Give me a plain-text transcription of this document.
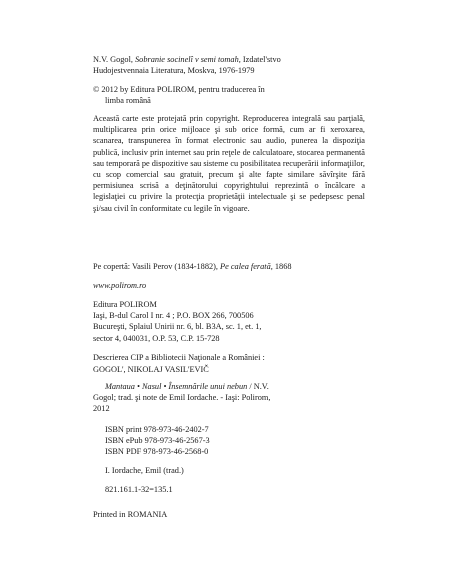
N.V. Gogol, Sobranie socinelî v semi tomah, Izdatel'stvo
Hudojestvennaia Literatura, Moskva, 1976-1979
© 2012 by Editura POLIROM, pentru traducerea în
limba română

Această carte este protejată prin copyright. Reproducerea integrală sau parţială, multiplicarea prin orice mijloace şi sub orice formă, cum ar fi xeroxarea, scanarea, transpunerea în format electronic sau audio, punerea la dispoziţia publică, inclusiv prin internet sau prin reţele de calculatoare, stocarea permanentă sau temporară pe dispozitive sau sisteme cu posibilitatea recuperării informaţiilor, cu scop comercial sau gratuit, precum şi alte fapte similare săvîrşite fără permisiunea scrisă a deţinătorului copyrightului reprezintă o încălcare a legislaţiei cu privire la protecţia proprietăţii intelectuale şi se pedepsesc penal şi/sau civil în conformitate cu legile în vigoare.

Pe copertă: Vasili Perov (1834-1882), Pe calea ferată, 1868
www.polirom.ro
Editura POLIROM
Iaşi, B-dul Carol I nr. 4 ; P.O. BOX 266, 700506
Bucureşti, Splaiul Unirii nr. 6, bl. B3A, sc. 1, et. 1,
sector 4, 040031, O.P. 53, C.P. 15-728
Descrierea CIP a Bibliotecii Naţionale a României :
GOGOL', NIKOLAJ VASIL'EVIČ
Mantaua • Nasul • Însemnările unui nebun / N.V.
Gogol; trad. şi note de Emil Iordache. - Iaşi: Polirom,
2012
ISBN print 978-973-46-2402-7
ISBN ePub 978-973-46-2567-3
ISBN PDF 978-973-46-2568-0
I. Iordache, Emil (trad.)
821.161.1-32=135.1
Printed in ROMANIA
